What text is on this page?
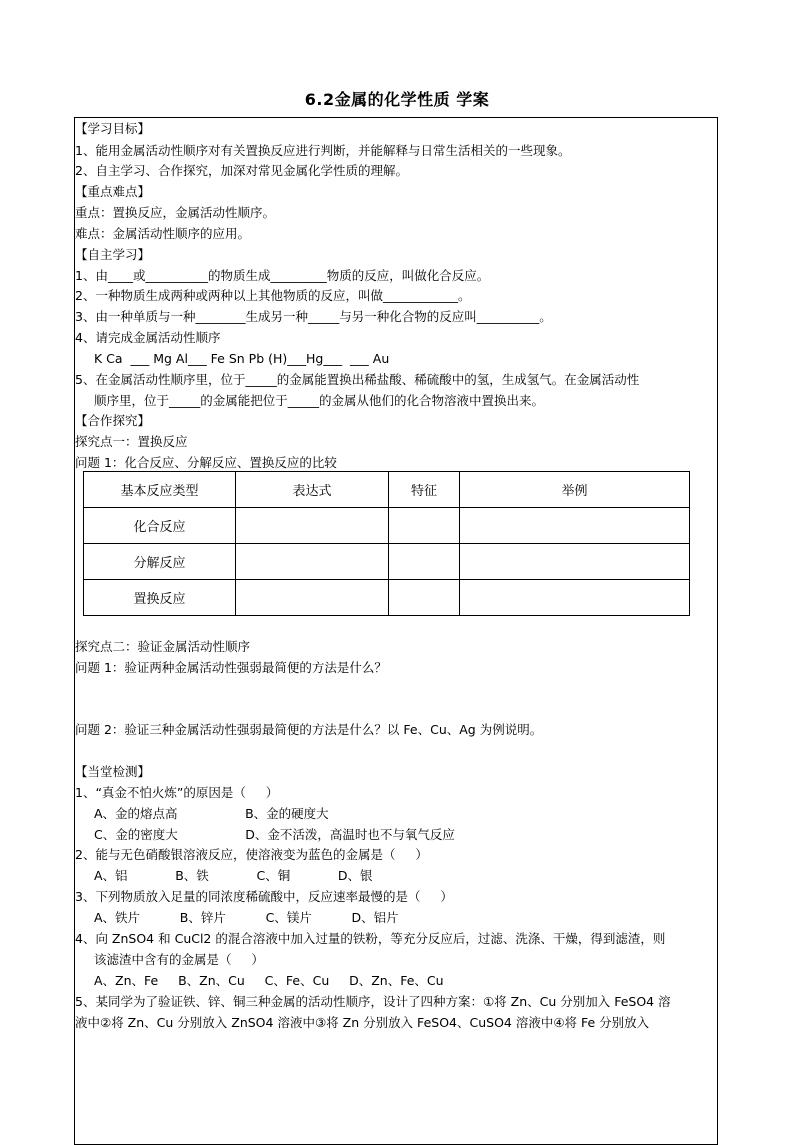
6.2金属的化学性质 学案
【学习目标】
1、能用金属活动性顺序对有关置换反应进行判断，并能解释与日常生活相关的一些现象。
2、自主学习、合作探究，加深对常见金属化学性质的理解。
【重点难点】
重点：置换反应，金属活动性顺序。
难点：金属活动性顺序的应用。
【自主学习】
1、由____或__________的物质生成_________物质的反应，叫做化合反应。
2、一种物质生成两种或两种以上其他物质的反应，叫做____________。
3、由一种单质与一种________生成另一种_____与另一种化合物的反应叫__________。
4、请完成金属活动性顺序
K Ca  ___ Mg Al___ Fe Sn Pb (H)___Hg___  ___ Au
5、在金属活动性顺序里，位于_____的金属能置换出稀盐酸、稀硫酸中的氢，生成氢气。在金属活动性
顺序里，位于_____的金属能把位于_____的金属从他们的化合物溶液中置换出来。
【合作探究】
探究点一：置换反应
问题 1：化合反应、分解反应、置换反应的比较
基本反应类型	表达式	特征	举例
化合反应			
分解反应			
置换反应			
探究点二：验证金属活动性顺序
问题 1：验证两种金属活动性强弱最简便的方法是什么？
问题 2：验证三种金属活动性强弱最简便的方法是什么？以 Fe、Cu、Ag 为例说明。
【当堂检测】
1、“真金不怕火炼”的原因是（     ）
A、金的熔点高                 B、金的硬度大
C、金的密度大                 D、金不活泼，高温时也不与氧气反应
2、能与无色硝酸银溶液反应，使溶液变为蓝色的金属是（     ）
A、铝            B、铁            C、铜            D、银
3、下列物质放入足量的同浓度稀硫酸中，反应速率最慢的是（     ）
A、铁片          B、锌片          C、镁片          D、铝片
4、向 ZnSO4 和 CuCl2 的混合溶液中加入过量的铁粉，等充分反应后，过滤、洗涤、干燥，得到滤渣，则
该滤渣中含有的金属是（     ）
A、Zn、Fe     B、Zn、Cu     C、Fe、Cu     D、Zn、Fe、Cu
5、某同学为了验证铁、锌、铜三种金属的活动性顺序，设计了四种方案：①将 Zn、Cu 分别加入 FeSO4 溶
液中②将 Zn、Cu 分别放入 ZnSO4 溶液中③将 Zn 分别放入 FeSO4、CuSO4 溶液中④将 Fe 分别放入
